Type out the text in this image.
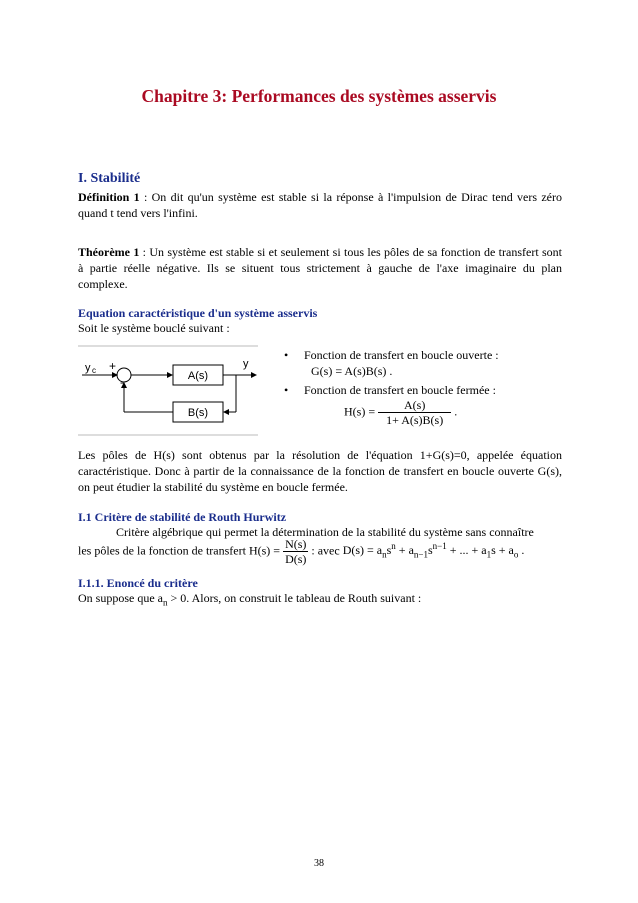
Chapitre 3: Performances des systèmes asservis
I. Stabilité
Définition 1 : On dit qu'un système est stable si la réponse à l'impulsion de Dirac tend vers zéro quand t tend vers l'infini.
Théorème 1 : Un système est stable si et seulement si tous les pôles de sa fonction de transfert sont à partie réelle négative. Ils se situent tous strictement à gauche de l'axe imaginaire du plan complexe.
Equation caractéristique d'un système asservis
Soit le système bouclé suivant :
y c +
-	A(s)
y
B(s)
• Fonction de transfert en boucle ouverte :
G(s) = A(s)B(s) .
• Fonction de transfert en boucle fermée :
$H(s) = \frac{A(s)}{1+ A(s)B(s)}$ .
Les pôles de H(s) sont obtenus par la résolution de l'équation 1+G(s)=0, appelée équation caractéristique. Donc à partir de la connaissance de la fonction de transfert en boucle ouverte G(s), on peut étudier la stabilité du système en boucle fermée.
I.1 Critère de stabilité de Routh Hurwitz
Critère algébrique qui permet la détermination de la stabilité du système sans connaître
les pôles de la fonction de transfert $H(s) = \frac{N(s)}{D(s)}$ : avec $D(s) = a_ns^n + a_{n-1}s^{n-1}$ + ... + $a_1s + a_o$ .
I.1.1. Enoncé du critère
On suppose que $a_n > 0$. Alors, on construit le tableau de Routh suivant :
38
